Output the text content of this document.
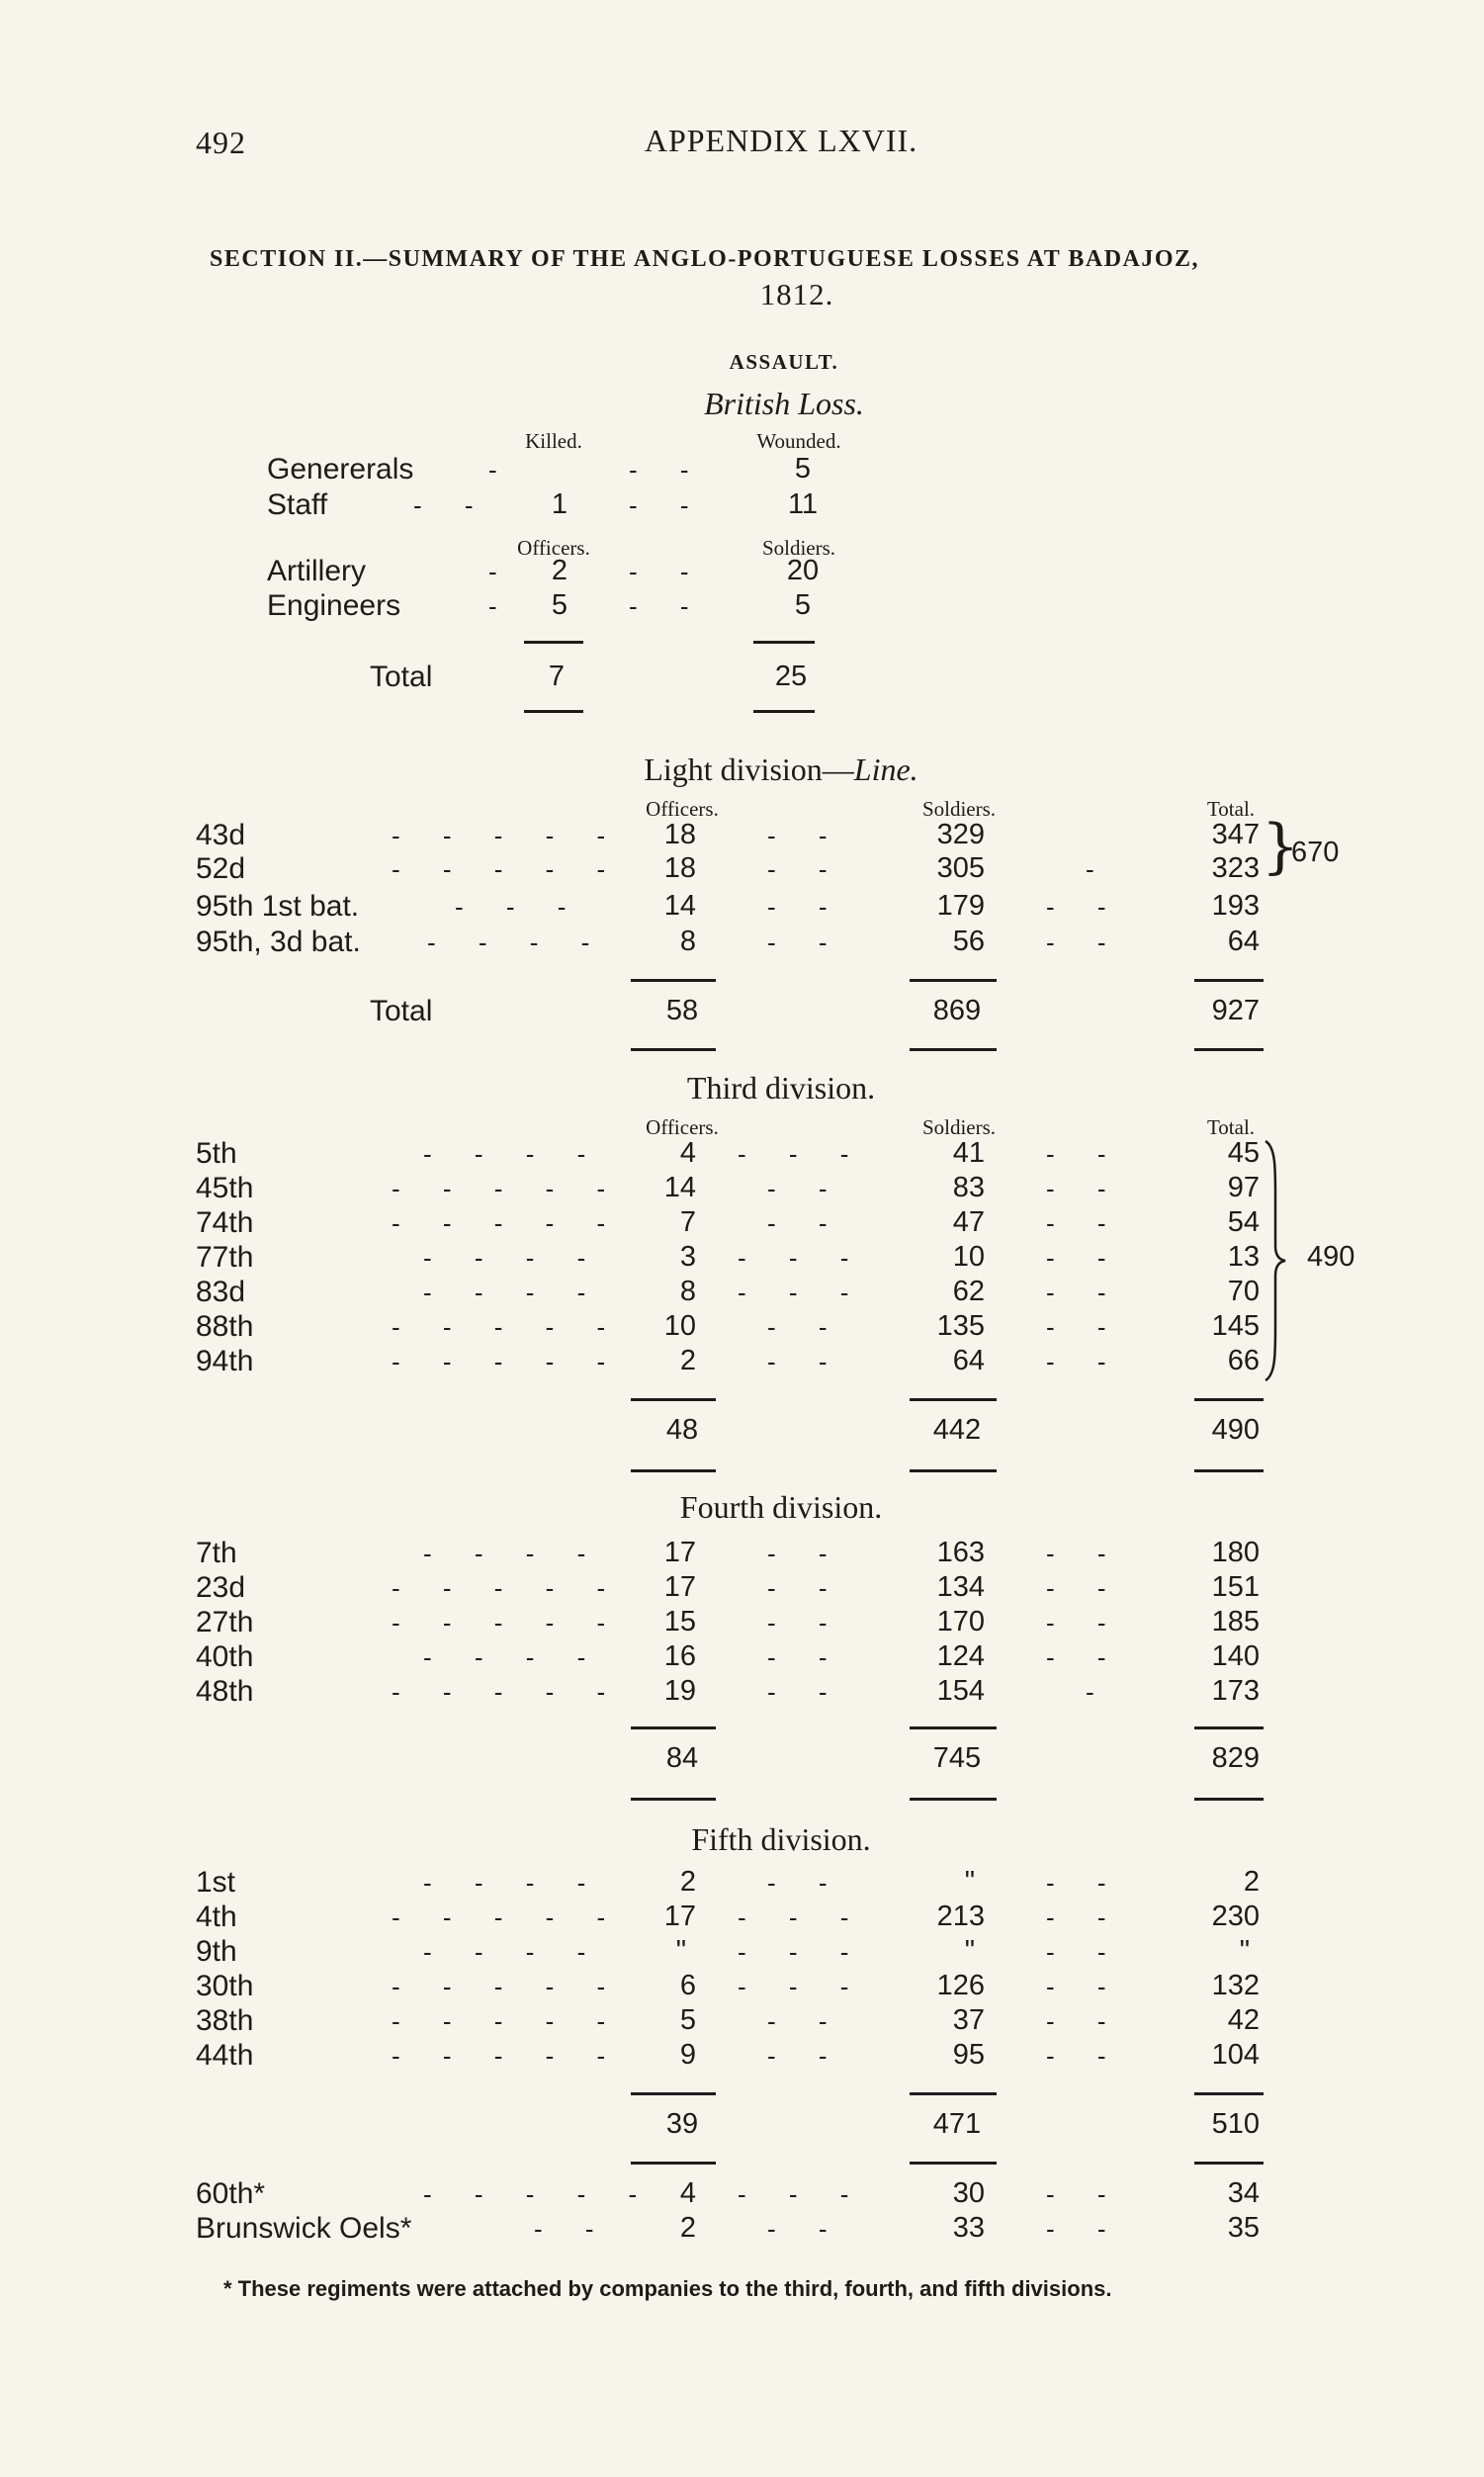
492	APPENDIX LXVII.
SECTION II.—SUMMARY OF THE ANGLO-PORTUGUESE LOSSES AT BADAJOZ,
1812.
ASSAULT.
British Loss.
Killed.	Wounded.
Genererals	-	- -	5
Staff	- - 1 - -	11
Officers.	Soldiers.
Artillery	- 2 - -	20
Engineers	- 5 - -	5
Total	7	25
Light division—Line.
Officers.	Soldiers.	Total.
43d	- - - - - 18	- -	329	347
52d	- - - - - 18	- -	305	-	323 }
670
95th 1st bat.	- - -	14	- -	179 - -	193
95th, 3d bat.	- - - -	8	- -	56 - -	64
Total	58	869	927
Third division.
Officers.	Soldiers.	Total.
5th	- - - -	4 - - -	41 - -	45
45th	- - - - - 14	- -	83 - -	97
74th	- - - - - 7	- -	47 - -	54
77th	- - - -	3 - - -	10 - -	13
83d	- - - -	8 - - -	62 - -	70
88th	- - - - - 10	- -	135 - -	145
94th	- - - - - 2	- -	64 - -	66
490
48	442	490
Fourth division.
7th	- - - - 17	- -	163 - -	180
23d	- - - - - 17	- -	134 - -	151
27th	- - - - - 15	- -	170 - -	185
40th	- - - - 16	- -	124 - -	140
48th	- - - - - 19	- -	154	-	173
84	745	829
Fifth division.
1st	- - - -	2	- -	"	- -	2
4th	- - - - - 17 - - - 213 - -	230
9th	- - - -	" - - -	"	- -	"
30th	- - - - - 6 - - - 126 - -	132
38th	- - - - - 5	- -	37 - -	42
44th	- - - - - 9	- -	95 - -	104
39	471	510
60th*	- - - - - 4 - - -	30 - -	34
Brunswick Oels*	- - 2	- -	33 - -	35
* These regiments were attached by companies to the third, fourth, and fifth divisions.
